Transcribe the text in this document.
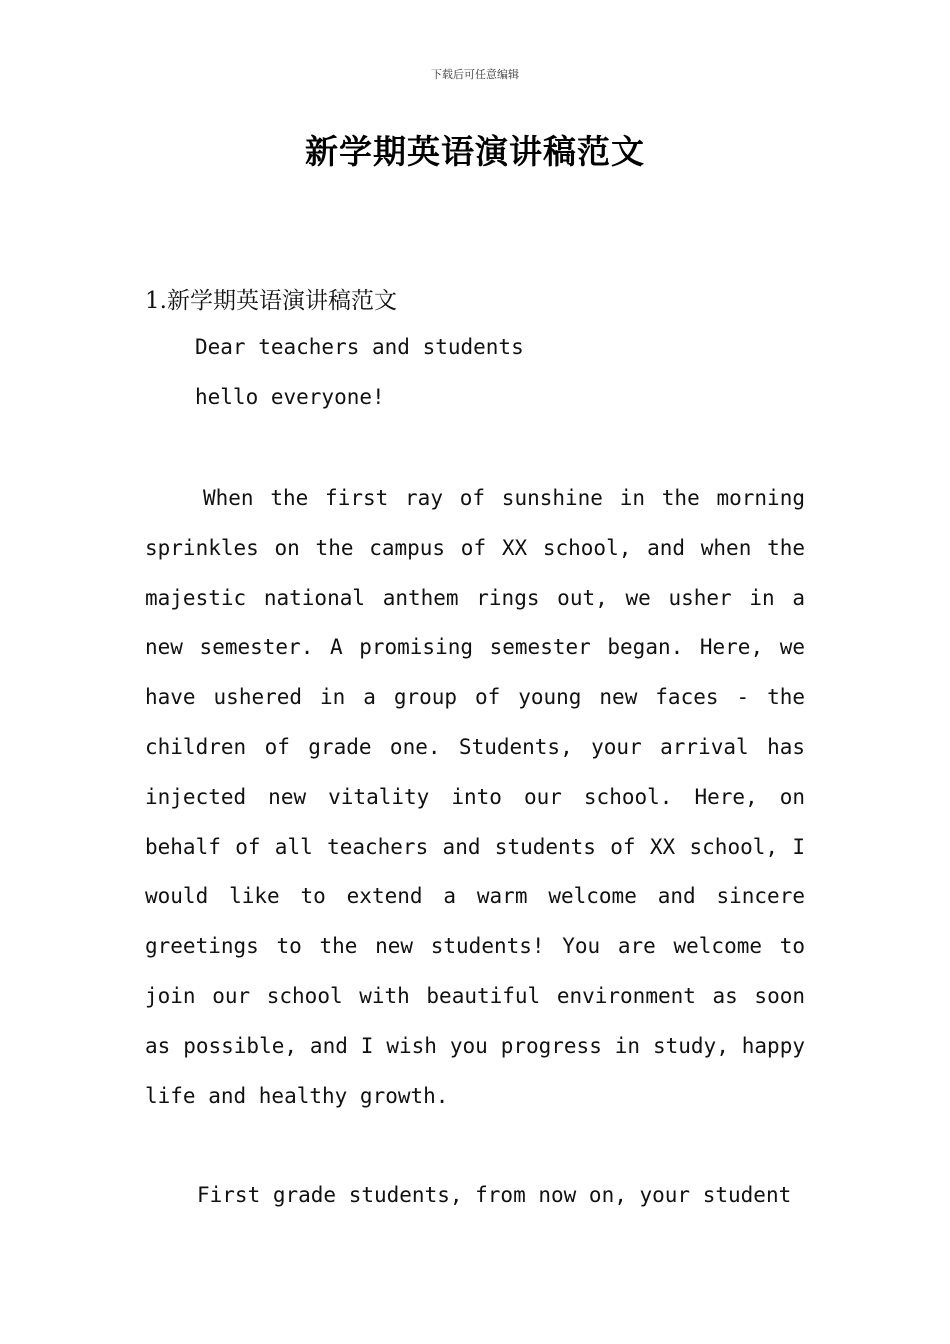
下载后可任意编辑
新学期英语演讲稿范文
1.新学期英语演讲稿范文
Dear teachers and students
hello everyone!
When the first ray of sunshine in the morning sprinkles on the campus of XX school, and when the majestic national anthem rings out, we usher in a new semester. A promising semester began. Here, we have ushered in a group of young new faces - the children of grade one. Students, your arrival has injected new vitality into our school. Here, on behalf of all teachers and students of XX school, I would like to extend a warm welcome and sincere greetings to the new students! You are welcome to join our school with beautiful environment as soon as possible, and I wish you progress in study, happy life and healthy growth.
First grade students, from now on, your student
